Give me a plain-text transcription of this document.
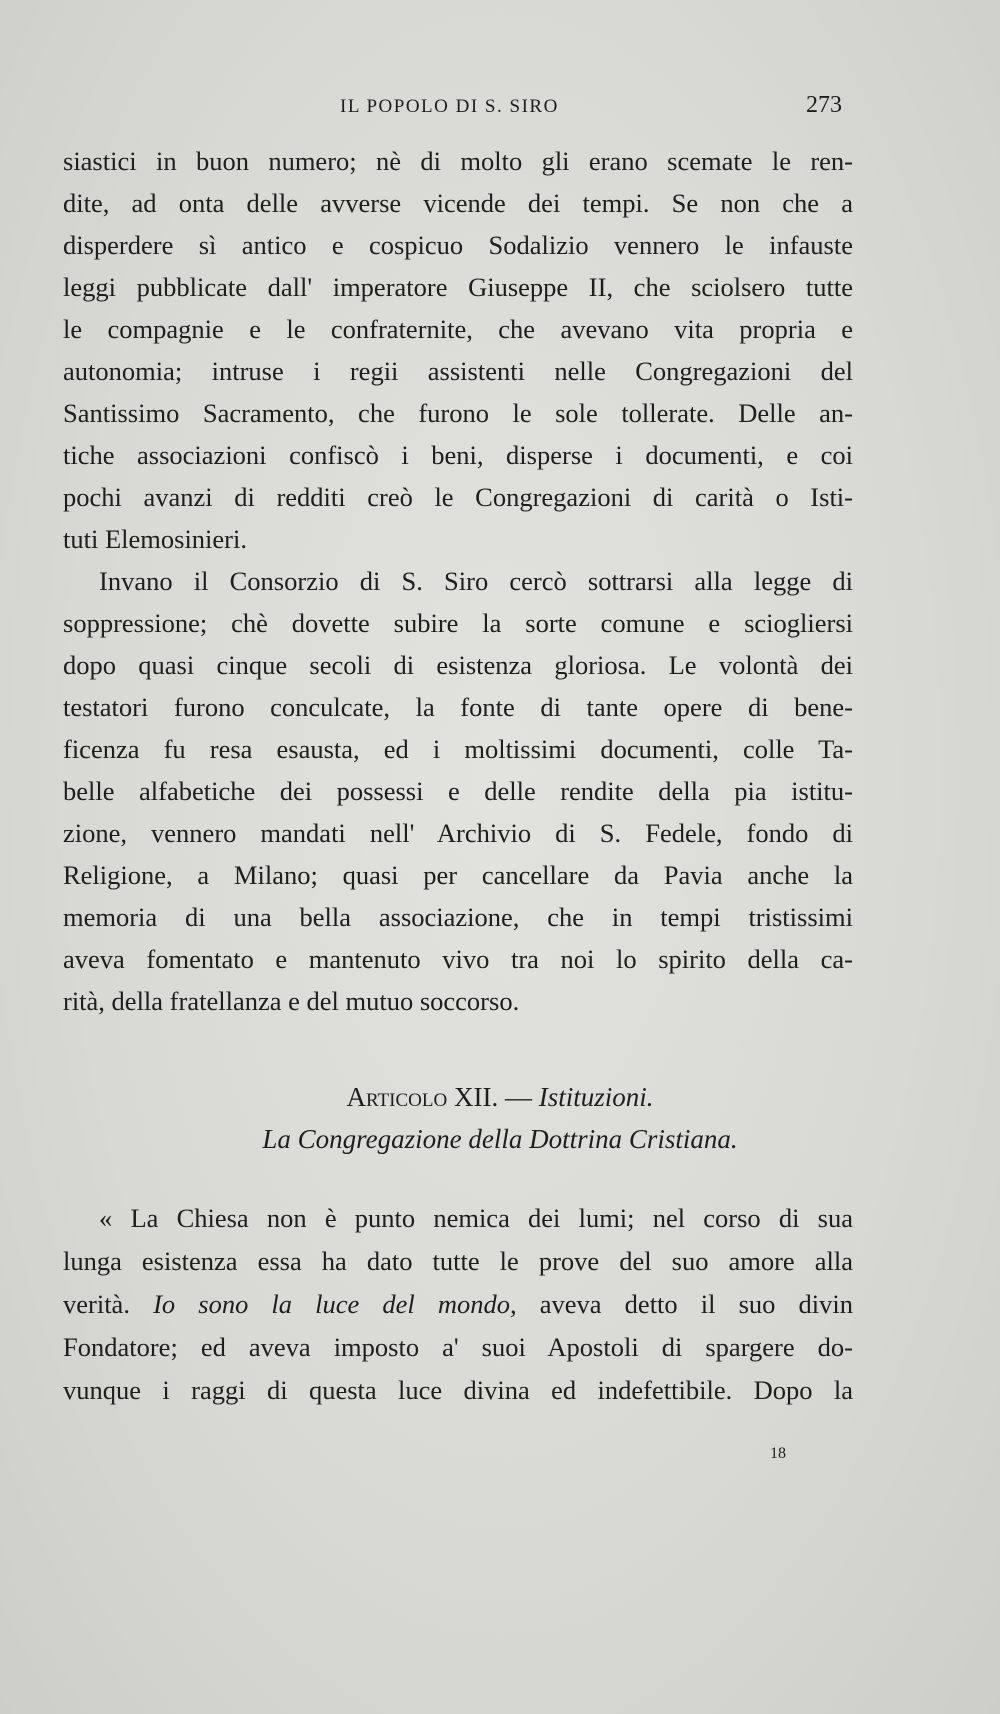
IL POPOLO DI S. SIRO	273
siastici in buon numero; nè di molto gli erano scemate le ren-
dite, ad onta delle avverse vicende dei tempi. Se non che a
disperdere sì antico e cospicuo Sodalizio vennero le infauste
leggi pubblicate dall' imperatore Giuseppe II, che sciolsero tutte
le compagnie e le confraternite, che avevano vita propria e
autonomia; intruse i regii assistenti nelle Congregazioni del
Santissimo Sacramento, che furono le sole tollerate. Delle an-
tiche associazioni confiscò i beni, disperse i documenti, e coi
pochi avanzi di redditi creò le Congregazioni di carità o Isti-
tuti Elemosinieri.
Invano il Consorzio di S. Siro cercò sottrarsi alla legge di
soppressione; chè dovette subire la sorte comune e sciogliersi
dopo quasi cinque secoli di esistenza gloriosa. Le volontà dei
testatori furono conculcate, la fonte di tante opere di bene-
ficenza fu resa esausta, ed i moltissimi documenti, colle Ta-
belle alfabetiche dei possessi e delle rendite della pia istitu-
zione, vennero mandati nell' Archivio di S. Fedele, fondo di
Religione, a Milano; quasi per cancellare da Pavia anche la
memoria di una bella associazione, che in tempi tristissimi
aveva fomentato e mantenuto vivo tra noi lo spirito della ca-
rità, della fratellanza e del mutuo soccorso.
Articolo XII. — Istituzioni.
La Congregazione della Dottrina Cristiana.
« La Chiesa non è punto nemica dei lumi; nel corso di sua
lunga esistenza essa ha dato tutte le prove del suo amore alla
verità. Io sono la luce del mondo, aveva detto il suo divin
Fondatore; ed aveva imposto a' suoi Apostoli di spargere do-
vunque i raggi di questa luce divina ed indefettibile. Dopo la
18
